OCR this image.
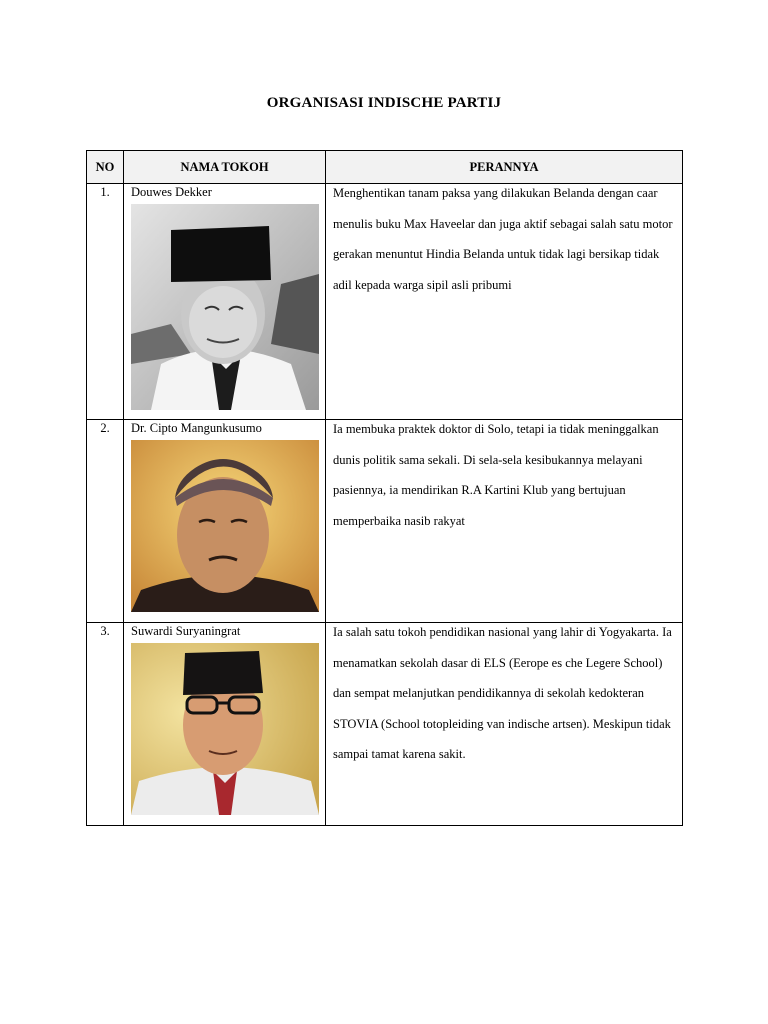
ORGANISASI INDISCHE PARTIJ
NO	NAMA TOKOH	PERANNYA
1.	Douwes Dekker	Menghentikan tanam paksa yang dilakukan Belanda dengan caar menulis buku Max Haveelar dan juga aktif sebagai salah satu motor gerakan menuntut Hindia Belanda untuk tidak lagi bersikap tidak adil kepada warga sipil asli pribumi

2.	Dr. Cipto Mangunkusumo	Ia membuka praktek doktor di Solo, tetapi ia tidak meninggalkan dunis politik sama sekali. Di sela-sela kesibukannya melayani pasiennya, ia mendirikan R.A Kartini Klub yang bertujuan memperbaika nasib rakyat

3.	Suwardi Suryaningrat	Ia salah satu tokoh pendidikan nasional yang lahir di Yogyakarta. Ia menamatkan sekolah dasar di ELS (Eerope es che Legere School) dan sempat melanjutkan pendidikannya di sekolah kedokteran STOVIA (School totopleiding van indische artsen). Meskipun tidak sampai tamat karena sakit.
